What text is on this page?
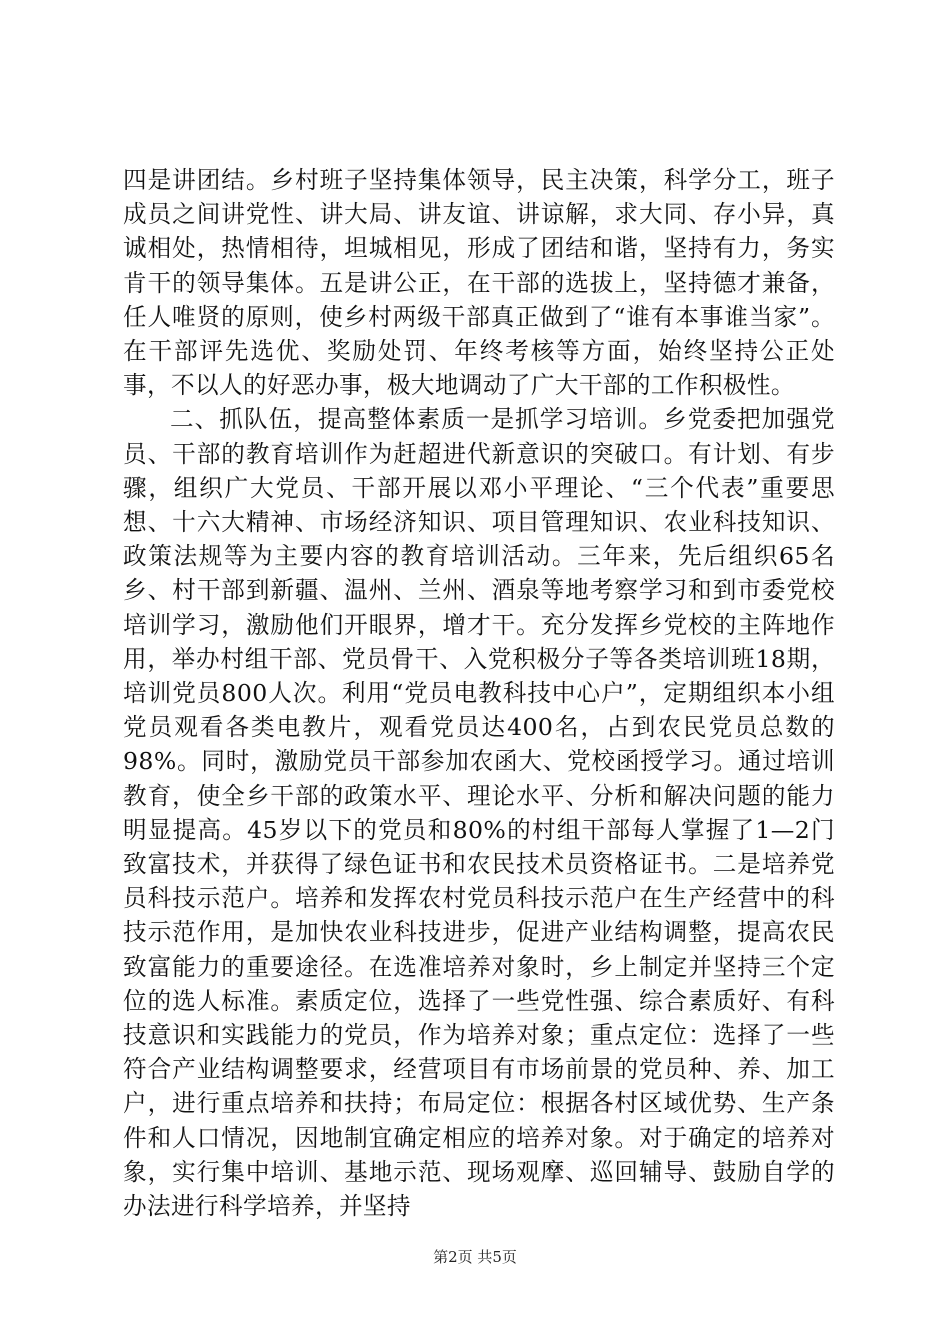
四是讲团结。乡村班子坚持集体领导，民主决策，科学分工，班子成员之间讲党性、讲大局、讲友谊、讲谅解，求大同、存小异，真诚相处，热情相待，坦城相见，形成了团结和谐，坚持有力，务实肯干的领导集体。五是讲公正，在干部的选拔上，坚持德才兼备，任人唯贤的原则，使乡村两级干部真正做到了“谁有本事谁当家”。在干部评先选优、奖励处罚、年终考核等方面，始终坚持公正处事，不以人的好恶办事，极大地调动了广大干部的工作积极性。

二、抓队伍，提高整体素质一是抓学习培训。乡党委把加强党员、干部的教育培训作为赶超进代新意识的突破口。有计划、有步骤，组织广大党员、干部开展以邓小平理论、“三个代表”重要思想、十六大精神、市场经济知识、项目管理知识、农业科技知识、政策法规等为主要内容的教育培训活动。三年来，先后组织65名乡、村干部到新疆、温州、兰州、酒泉等地考察学习和到市委党校培训学习，激励他们开眼界，增才干。充分发挥乡党校的主阵地作用，举办村组干部、党员骨干、入党积极分子等各类培训班18期，培训党员800人次。利用“党员电教科技中心户”，定期组织本小组党员观看各类电教片，观看党员达400名，占到农民党员总数的98%。同时，激励党员干部参加农函大、党校函授学习。通过培训教育，使全乡干部的政策水平、理论水平、分析和解决问题的能力明显提高。45岁以下的党员和80%的村组干部每人掌握了1—2门致富技术，并获得了绿色证书和农民技术员资格证书。二是培养党员科技示范户。培养和发挥农村党员科技示范户在生产经营中的科技示范作用，是加快农业科技进步，促进产业结构调整，提高农民致富能力的重要途径。在选准培养对象时，乡上制定并坚持三个定位的选人标准。素质定位，选择了一些党性强、综合素质好、有科技意识和实践能力的党员，作为培养对象；重点定位：选择了一些符合产业结构调整要求，经营项目有市场前景的党员种、养、加工户，进行重点培养和扶持；布局定位：根据各村区域优势、生产条件和人口情况，因地制宜确定相应的培养对象。对于确定的培养对象，实行集中培训、基地示范、现场观摩、巡回辅导、鼓励自学的办法进行科学培养，并坚持

第2页 共5页
